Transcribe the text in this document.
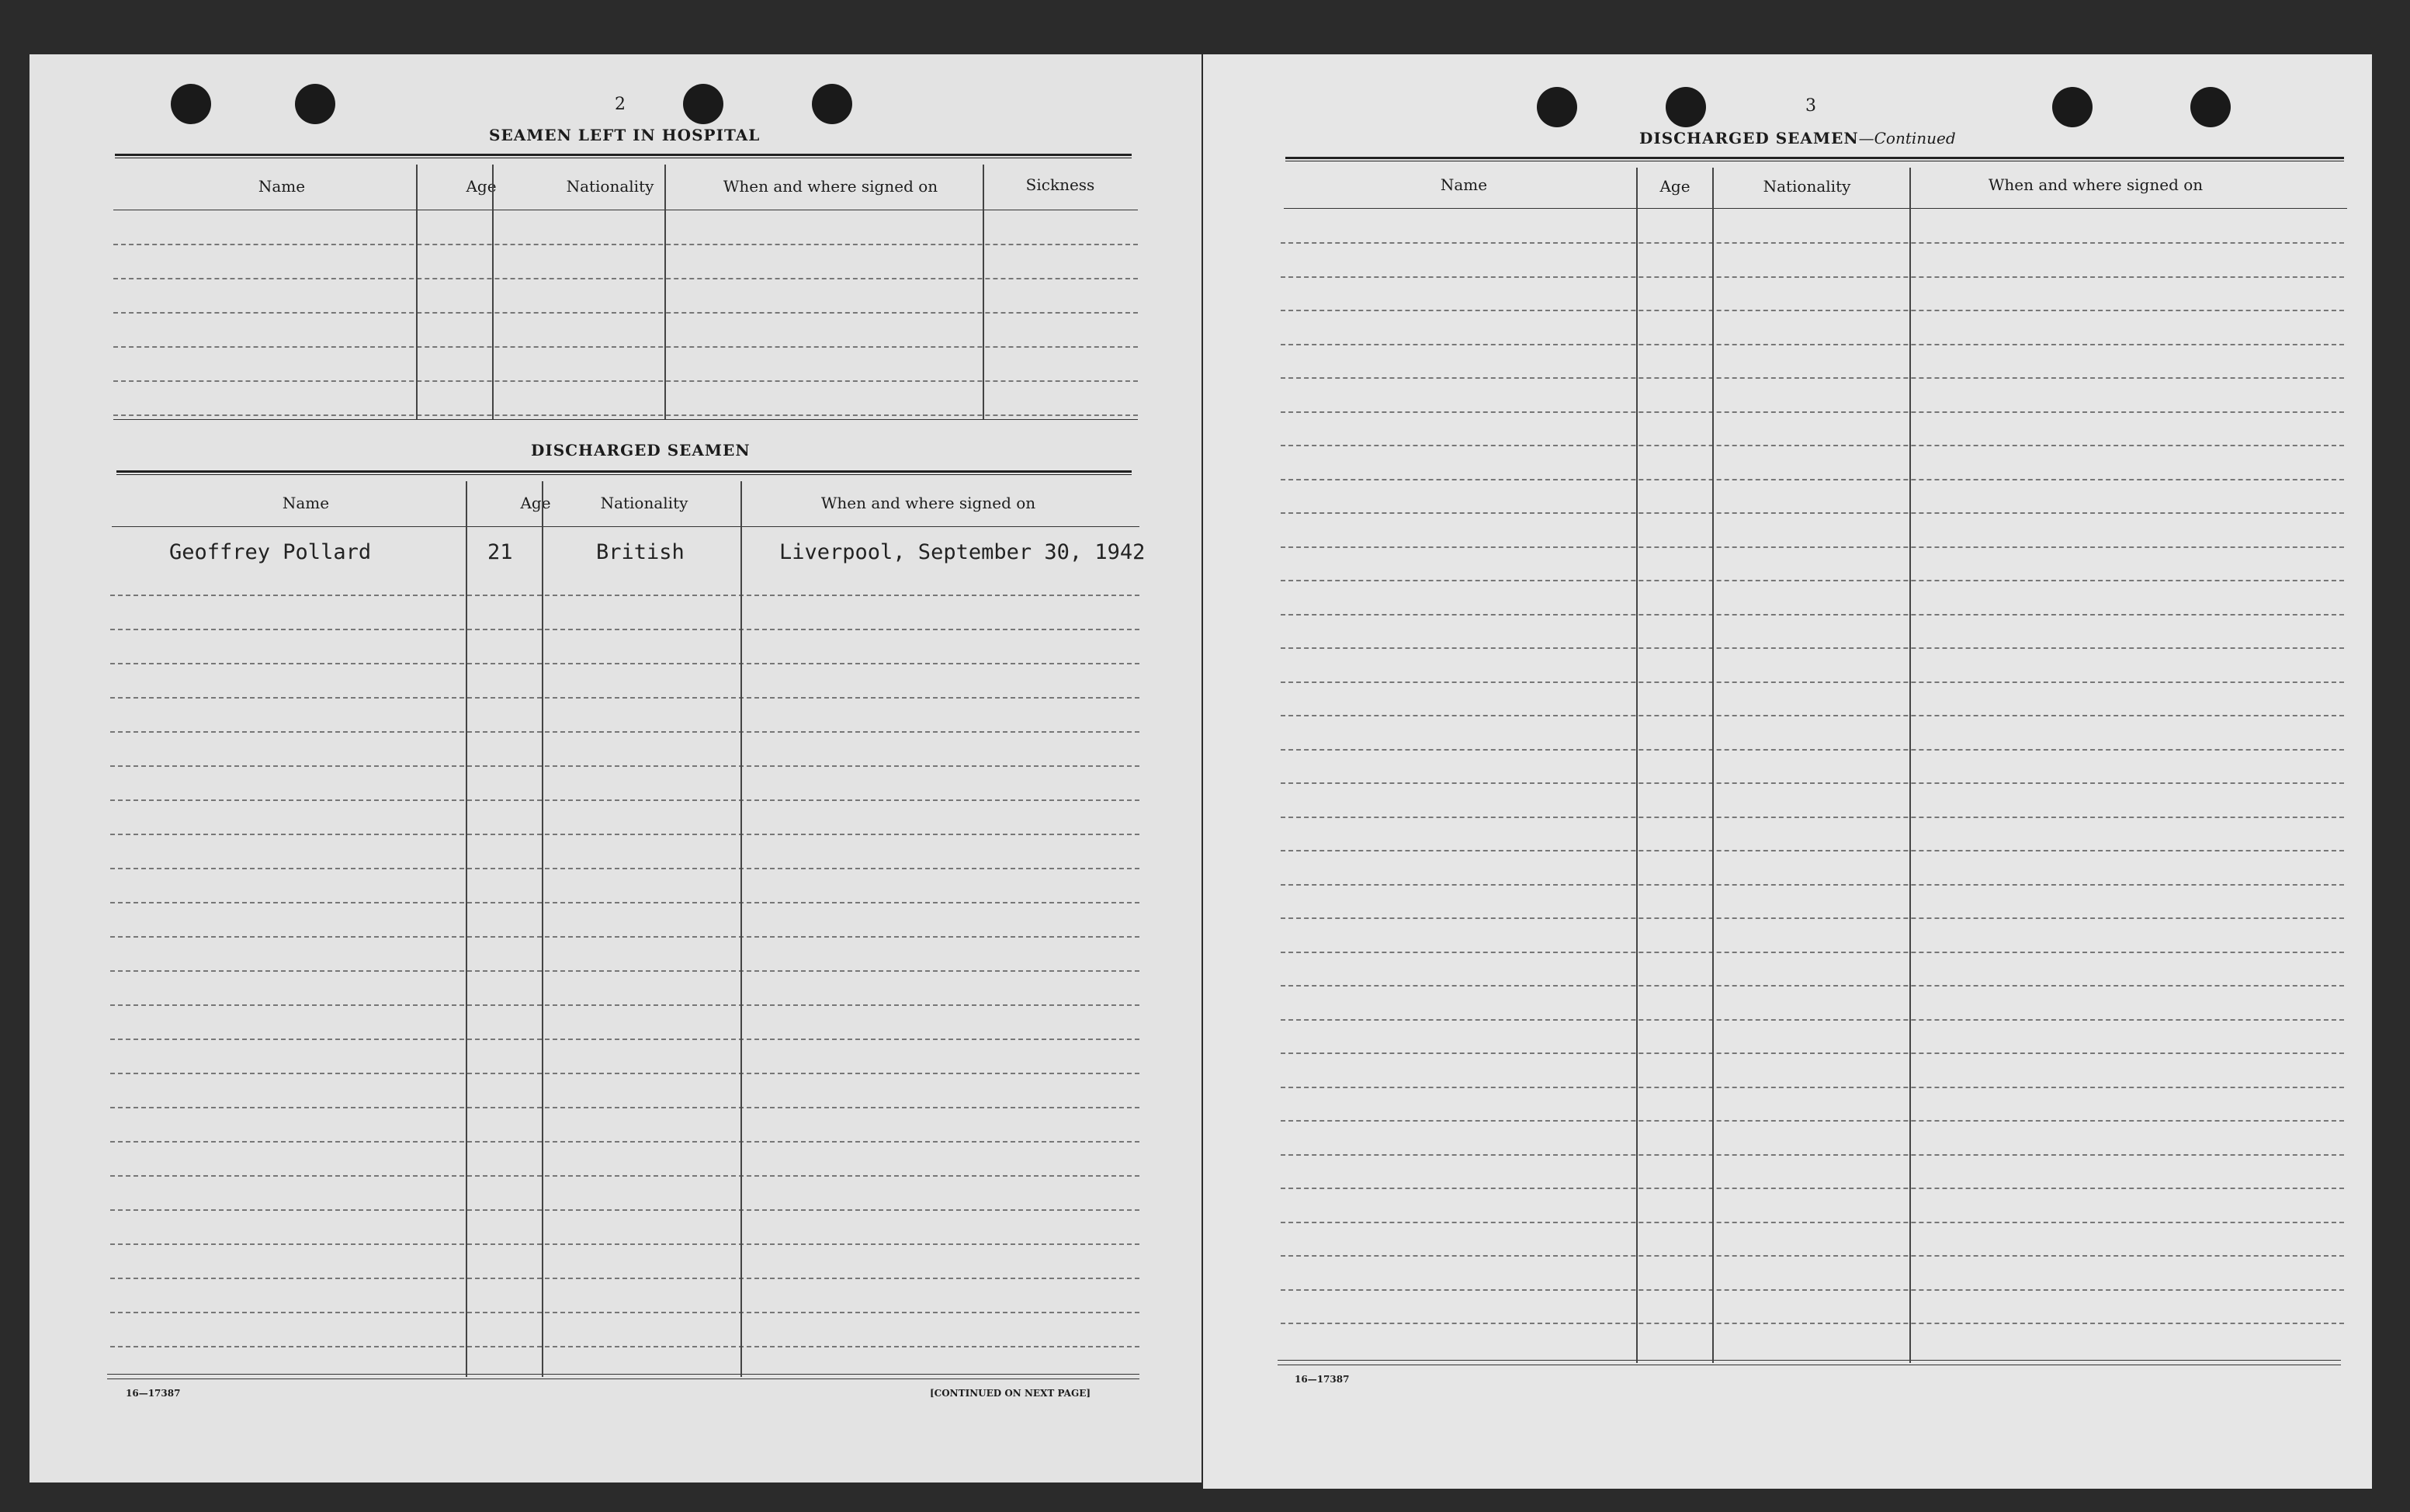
2
SEAMEN LEFT IN HOSPITAL
Name	Age	Nationality	When and where signed on	Sickness
DISCHARGED SEAMEN
Name	Age	Nationality	When and where signed on
Geoffrey Pollard	21	British	Liverpool, September 30, 1942
16—17387	[CONTINUED ON NEXT PAGE]
3
DISCHARGED SEAMEN—Continued
Name	Age	Nationality	When and where signed on
16—17387
